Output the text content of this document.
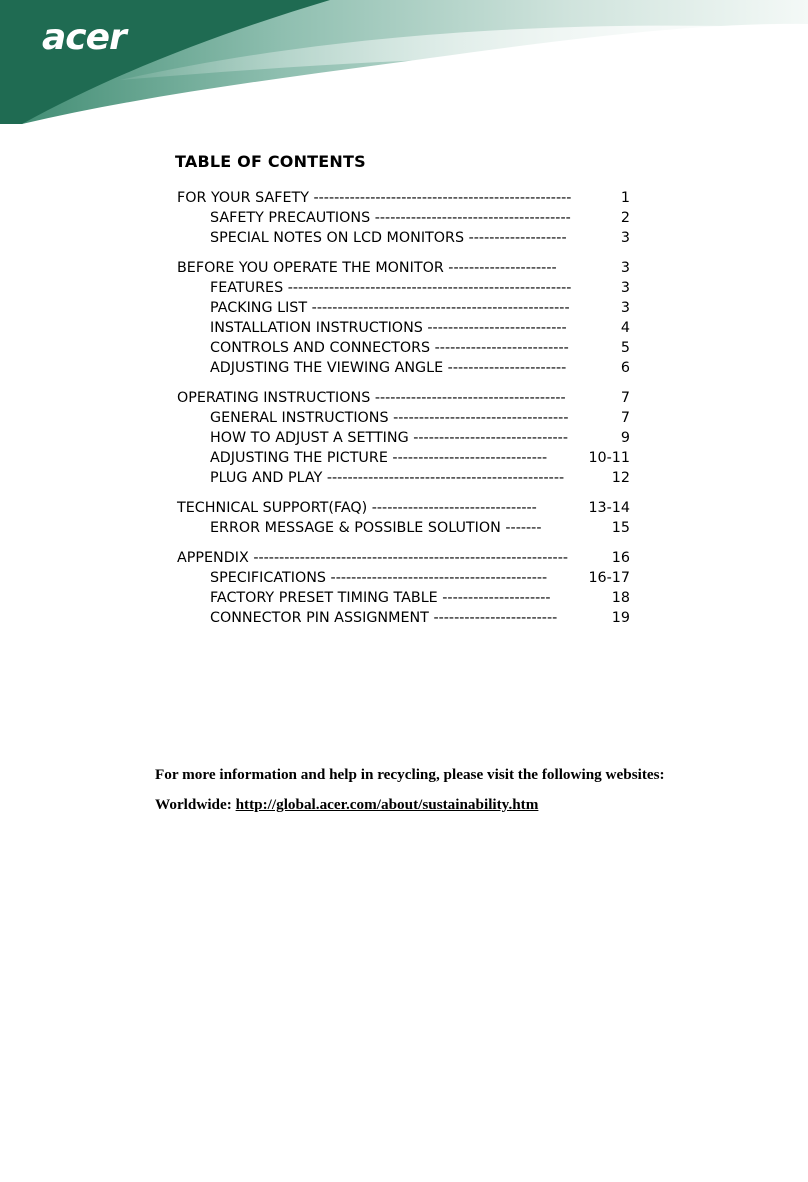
acer
TABLE OF CONTENTS
FOR YOUR SAFETY --------------------------------------------------	1
SAFETY PRECAUTIONS --------------------------------------	2
SPECIAL NOTES ON LCD MONITORS -------------------	3
BEFORE YOU OPERATE THE MONITOR ---------------------	3
FEATURES -------------------------------------------------------	3
PACKING LIST --------------------------------------------------	3
INSTALLATION INSTRUCTIONS ---------------------------	4
CONTROLS AND CONNECTORS --------------------------	5
ADJUSTING THE VIEWING ANGLE -----------------------	6
OPERATING INSTRUCTIONS -------------------------------------	7
GENERAL INSTRUCTIONS ----------------------------------	7
HOW TO ADJUST A SETTING ------------------------------	9
ADJUSTING THE PICTURE ------------------------------	10-11
PLUG AND PLAY ----------------------------------------------	12
TECHNICAL SUPPORT(FAQ) --------------------------------	13-14
ERROR MESSAGE & POSSIBLE SOLUTION -------	15
APPENDIX -------------------------------------------------------------	16
SPECIFICATIONS ------------------------------------------	16-17
FACTORY PRESET TIMING TABLE ---------------------	18
CONNECTOR PIN ASSIGNMENT ------------------------	19
For more information and help in recycling, please visit the following websites:
Worldwide: http://global.acer.com/about/sustainability.htm
